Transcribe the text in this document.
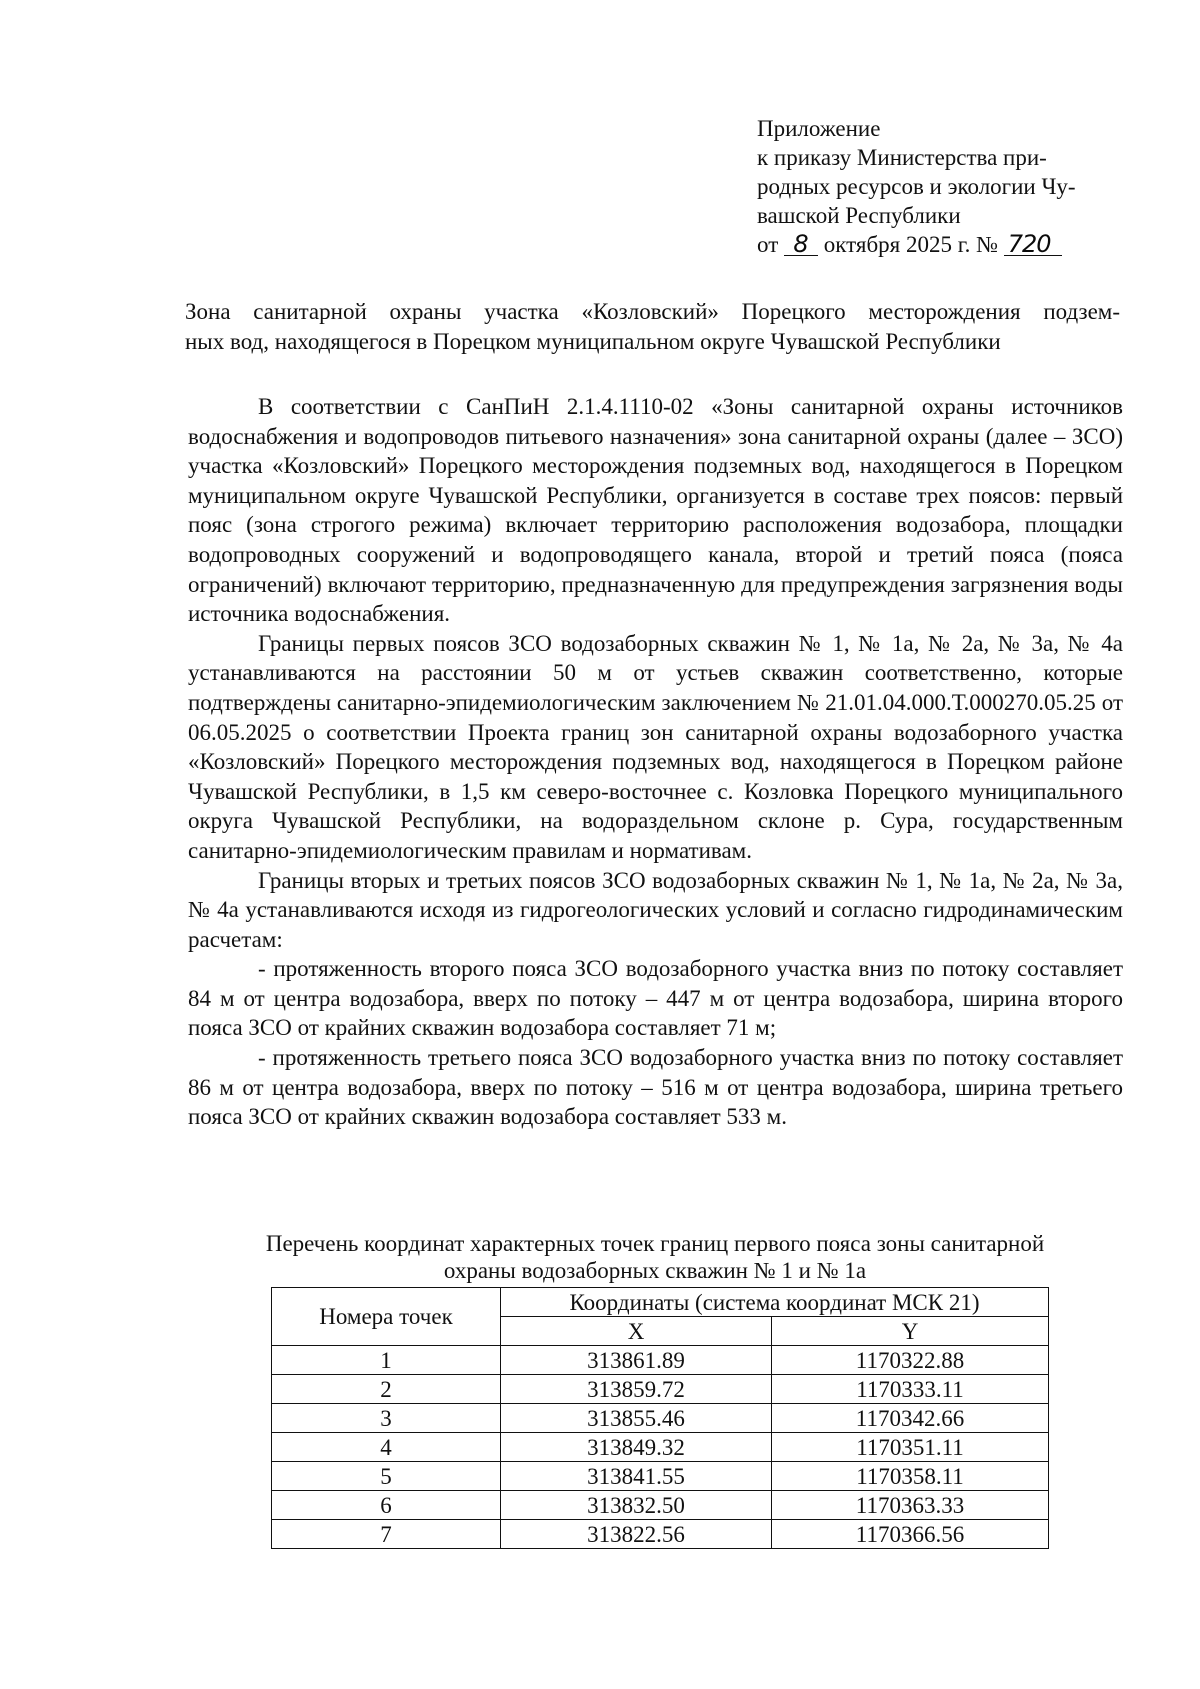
Приложение
к приказу Министерства при-
родных ресурсов и экологии Чу-
вашской Республики
от 8 октября 2025 г. № 720
Зона санитарной охраны участка «Козловский» Порецкого месторождения подзем-
ных вод, находящегося в Порецком муниципальном округе Чувашской Республики

В соответствии с СанПиН 2.1.4.1110-02 «Зоны санитарной охраны источников водоснабжения и водопроводов питьевого назначения» зона санитарной охраны (далее – ЗСО) участка «Козловский» Порецкого месторождения подземных вод, находящегося в Порецком муниципальном округе Чувашской Республики, организуется в составе трех поясов: первый пояс (зона строгого режима) включает территорию расположения водозабора, площадки водопроводных сооружений и водопроводящего канала, второй и третий пояса (пояса ограничений) включают территорию, предназначенную для предупреждения загрязнения воды источника водоснабжения.

Границы первых поясов ЗСО водозаборных скважин № 1, № 1а, № 2а, № 3а, № 4а устанавливаются на расстоянии 50 м от устьев скважин соответственно, которые подтверждены санитарно-эпидемиологическим заключением № 21.01.04.000.Т.000270.05.25 от 06.05.2025 о соответствии Проекта границ зон санитарной охраны водозаборного участка «Козловский» Порецкого месторождения подземных вод, находящегося в Порецком районе Чувашской Республики, в 1,5 км северо-восточнее с. Козловка Порецкого муниципального округа Чувашской Республики, на водораздельном склоне р. Сура, государственным санитарно-эпидемиологическим правилам и нормативам.

Границы вторых и третьих поясов ЗСО водозаборных скважин № 1, № 1а, № 2а, № 3а, № 4а устанавливаются исходя из гидрогеологических условий и согласно гидродинамическим расчетам:

- протяженность второго пояса ЗСО водозаборного участка вниз по потоку составляет 84 м от центра водозабора, вверх по потоку – 447 м от центра водозабора, ширина второго пояса ЗСО от крайних скважин водозабора составляет 71 м;

- протяженность третьего пояса ЗСО водозаборного участка вниз по потоку составляет 86 м от центра водозабора, вверх по потоку – 516 м от центра водозабора, ширина третьего пояса ЗСО от крайних скважин водозабора составляет 533 м.

Перечень координат характерных точек границ первого пояса зоны санитарной
охраны водозаборных скважин № 1 и № 1а
Номера точек	Координаты (система координат МСК 21)	
	X	Y
1	313861.89	1170322.88
2	313859.72	1170333.11
3	313855.46	1170342.66
4	313849.32	1170351.11
5	313841.55	1170358.11
6	313832.50	1170363.33
7	313822.56	1170366.56
